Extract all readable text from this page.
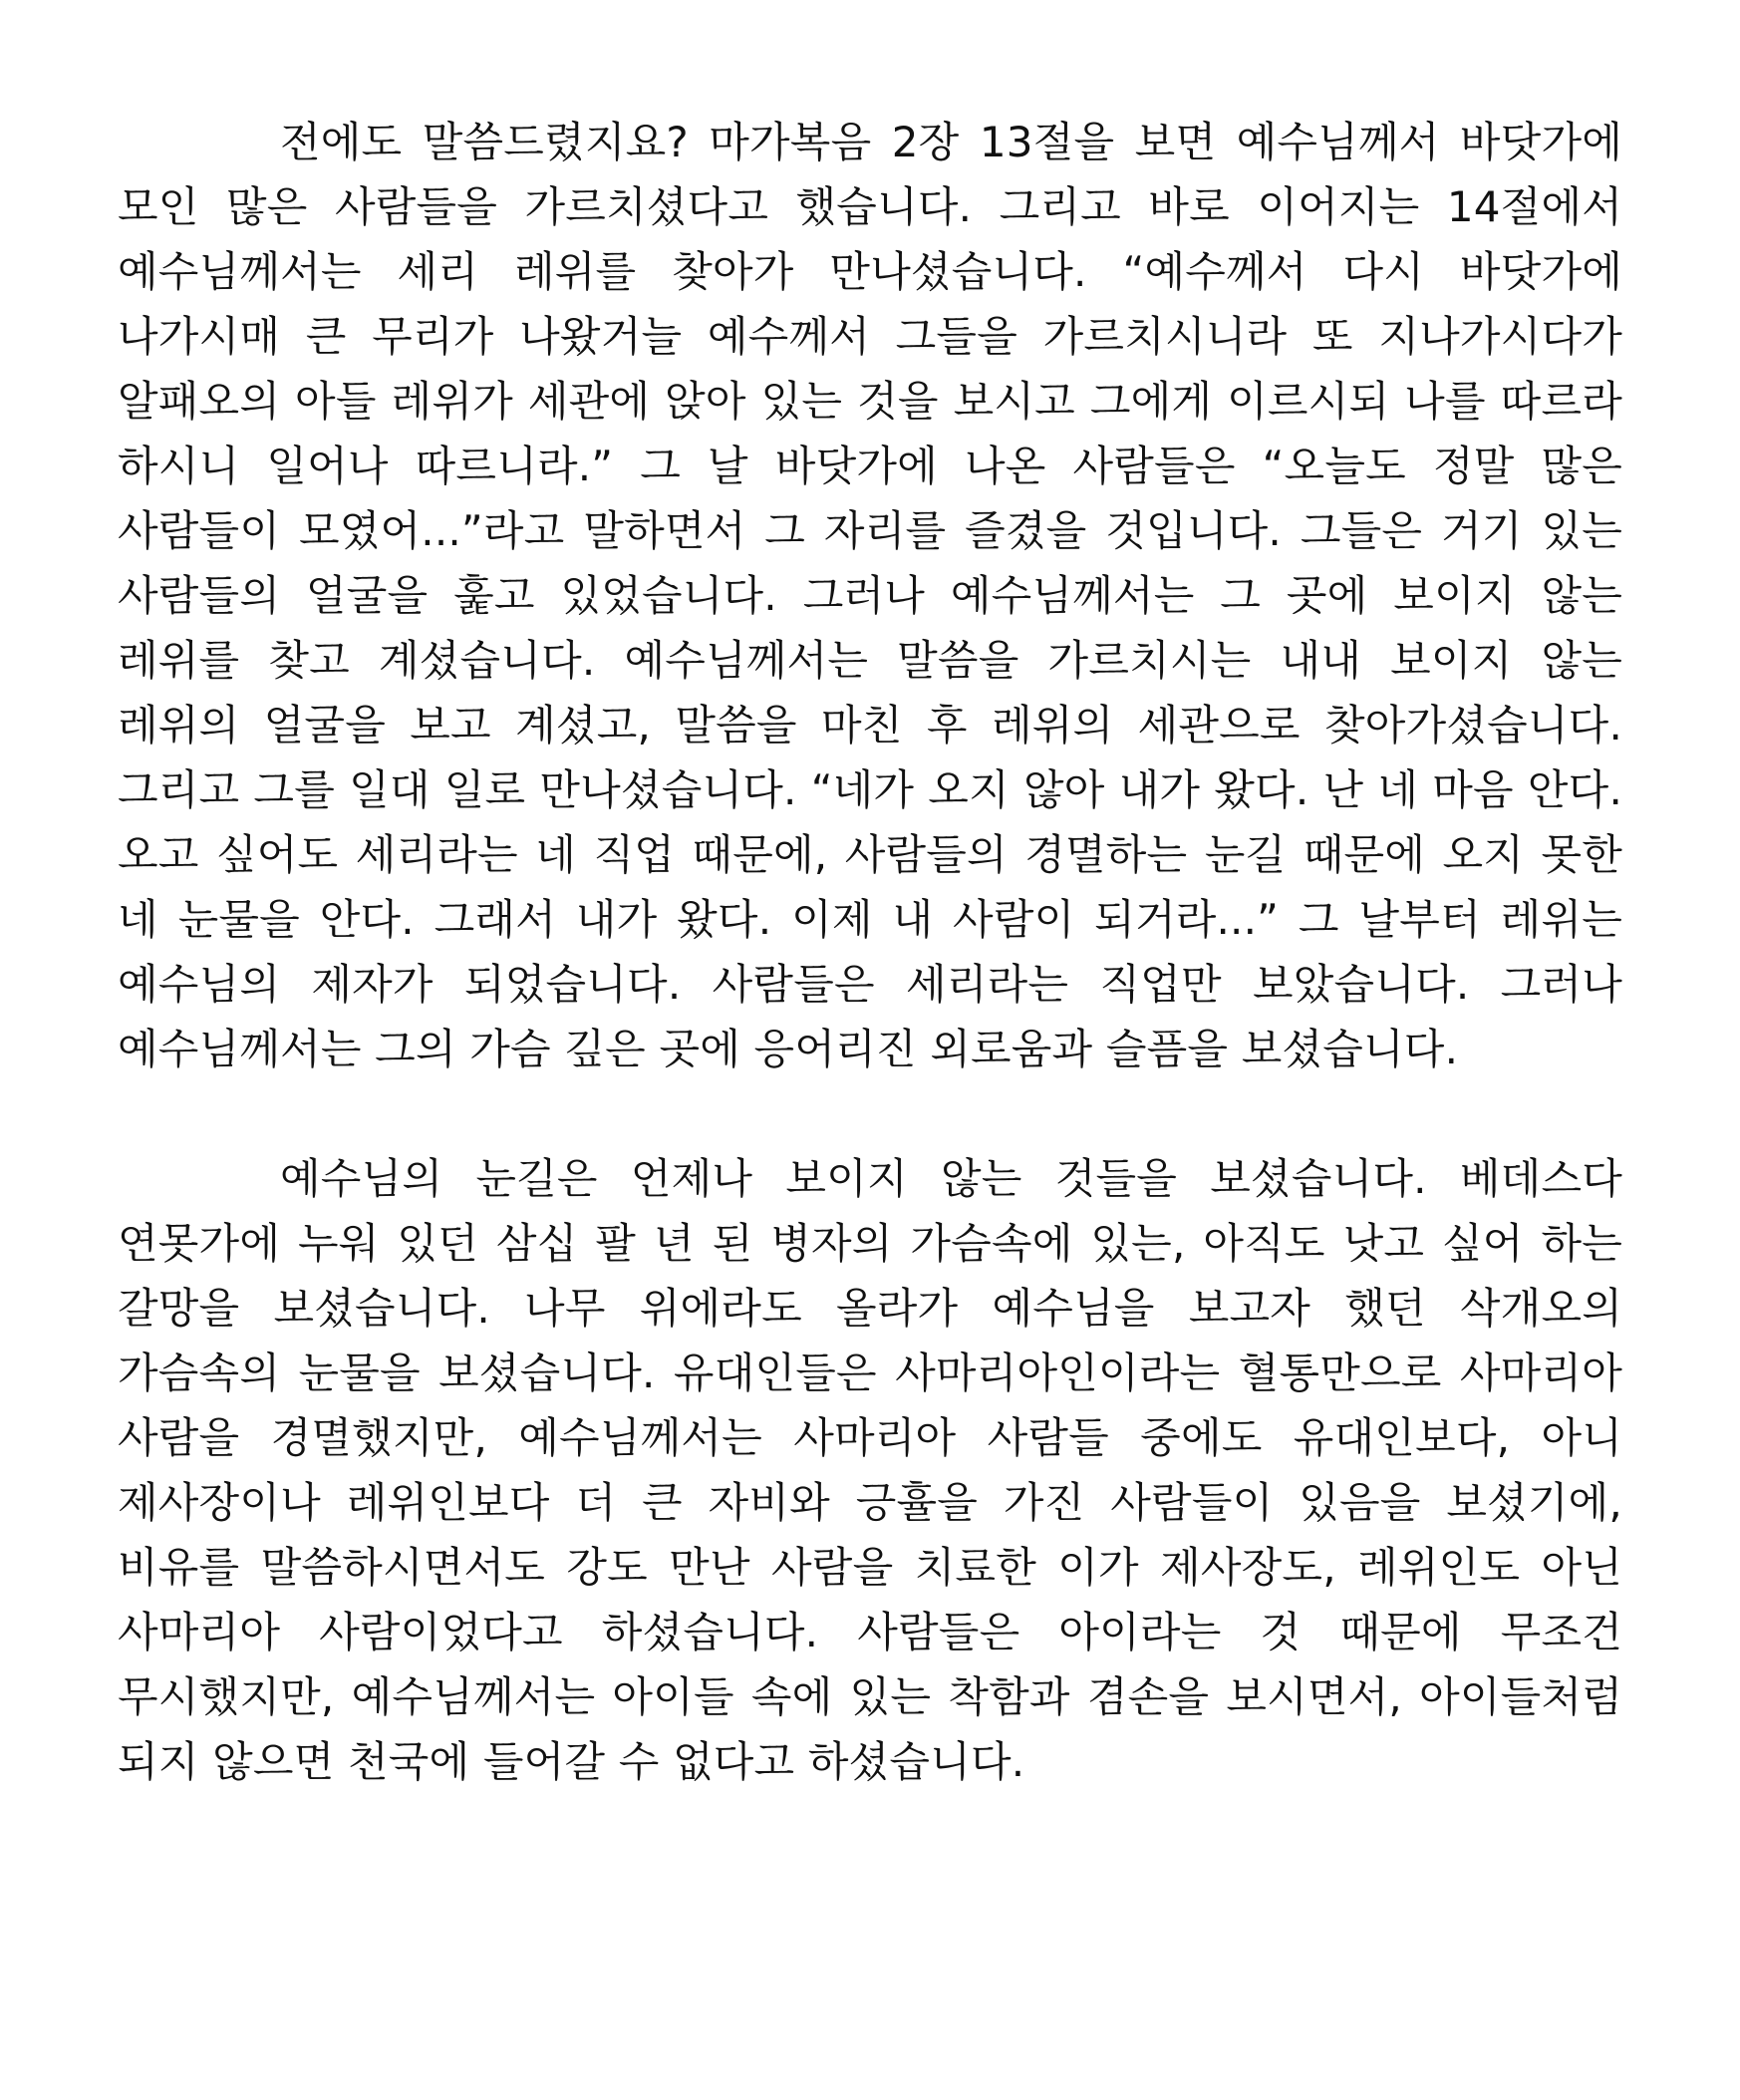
전에도 말씀드렸지요? 마가복음 2장 13절을 보면 예수님께서 바닷가에 모인 많은 사람들을 가르치셨다고 했습니다. 그리고 바로 이어지는 14절에서 예수님께서는 세리 레위를 찾아가 만나셨습니다. “예수께서 다시 바닷가에 나가시매 큰 무리가 나왔거늘 예수께서 그들을 가르치시니라 또 지나가시다가 알패오의 아들 레위가 세관에 앉아 있는 것을 보시고 그에게 이르시되 나를 따르라 하시니 일어나 따르니라.” 그 날 바닷가에 나온 사람들은 “오늘도 정말 많은 사람들이 모였어...”라고 말하면서 그 자리를 즐겼을 것입니다. 그들은 거기 있는 사람들의 얼굴을 훑고 있었습니다. 그러나 예수님께서는 그 곳에 보이지 않는 레위를 찾고 계셨습니다. 예수님께서는 말씀을 가르치시는 내내 보이지 않는 레위의 얼굴을 보고 계셨고, 말씀을 마친 후 레위의 세관으로 찾아가셨습니다. 그리고 그를 일대 일로 만나셨습니다. “네가 오지 않아 내가 왔다. 난 네 마음 안다. 오고 싶어도 세리라는 네 직업 때문에, 사람들의 경멸하는 눈길 때문에 오지 못한 네 눈물을 안다. 그래서 내가 왔다. 이제 내 사람이 되거라...” 그 날부터 레위는 예수님의 제자가 되었습니다. 사람들은 세리라는 직업만 보았습니다. 그러나 예수님께서는 그의 가슴 깊은 곳에 응어리진 외로움과 슬픔을 보셨습니다.

예수님의 눈길은 언제나 보이지 않는 것들을 보셨습니다. 베데스다 연못가에 누워 있던 삼십 팔 년 된 병자의 가슴속에 있는, 아직도 낫고 싶어 하는 갈망을 보셨습니다. 나무 위에라도 올라가 예수님을 보고자 했던 삭개오의 가슴속의 눈물을 보셨습니다. 유대인들은 사마리아인이라는 혈통만으로 사마리아 사람을 경멸했지만, 예수님께서는 사마리아 사람들 중에도 유대인보다, 아니 제사장이나 레위인보다 더 큰 자비와 긍휼을 가진 사람들이 있음을 보셨기에, 비유를 말씀하시면서도 강도 만난 사람을 치료한 이가 제사장도, 레위인도 아닌 사마리아 사람이었다고 하셨습니다. 사람들은 아이라는 것 때문에 무조건 무시했지만, 예수님께서는 아이들 속에 있는 착함과 겸손을 보시면서, 아이들처럼 되지 않으면 천국에 들어갈 수 없다고 하셨습니다.
